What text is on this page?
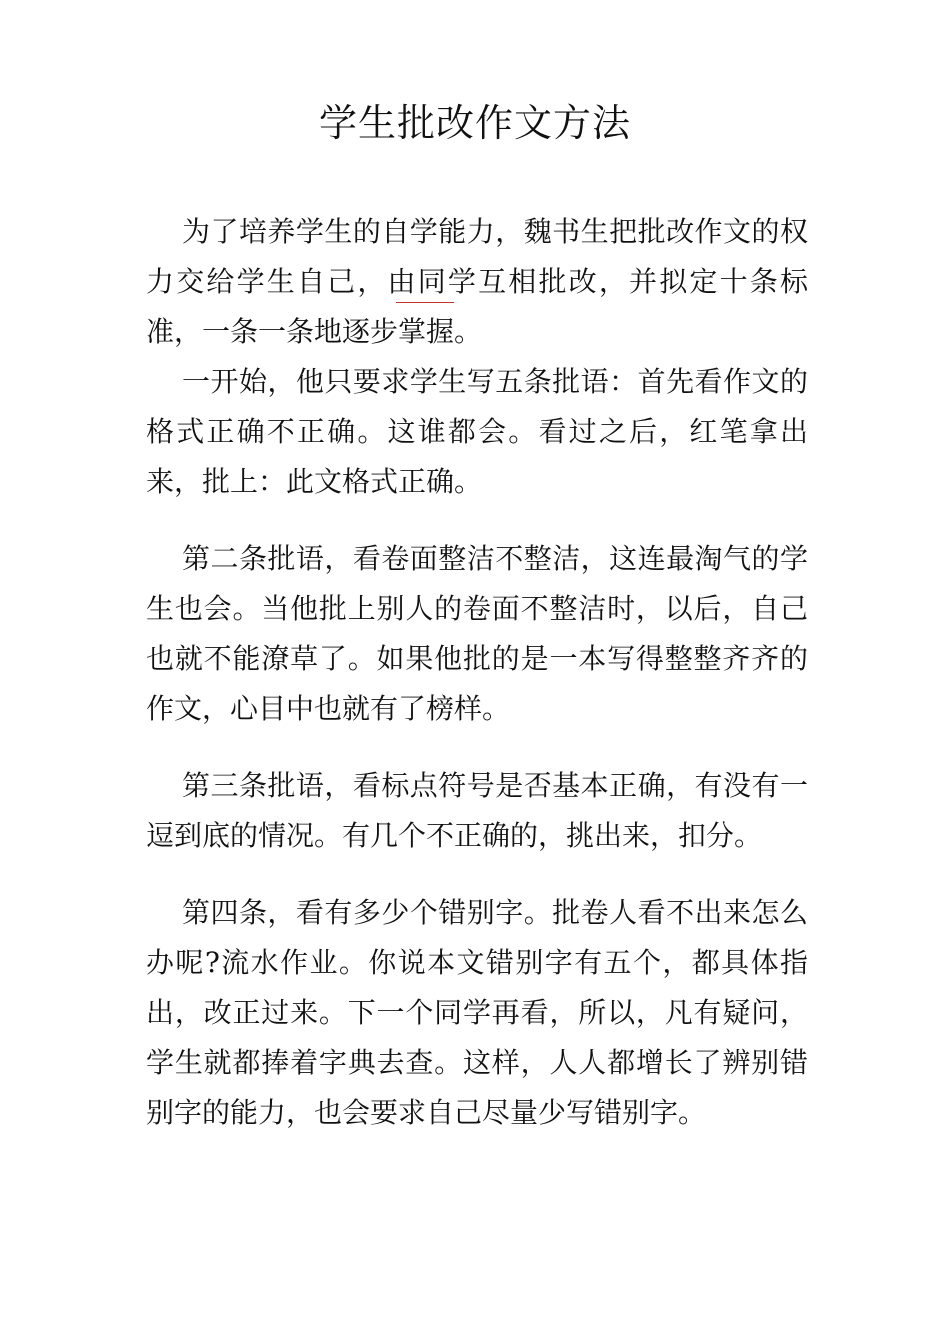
学生批改作文方法

为了培养学生的自学能力，魏书生把批改作文的权力交给学生自己，由同学互相批改，并拟定十条标准，一条一条地逐步掌握。

一开始，他只要求学生写五条批语：首先看作文的格式正确不正确。这谁都会。看过之后，红笔拿出来，批上：此文格式正确。

第二条批语，看卷面整洁不整洁，这连最淘气的学生也会。当他批上别人的卷面不整洁时，以后，自己也就不能潦草了。如果他批的是一本写得整整齐齐的作文，心目中也就有了榜样。

第三条批语，看标点符号是否基本正确，有没有一逗到底的情况。有几个不正确的，挑出来，扣分。

第四条，看有多少个错别字。批卷人看不出来怎么办呢?流水作业。你说本文错别字有五个，都具体指出，改正过来。下一个同学再看，所以，凡有疑问，学生就都捧着字典去查。这样，人人都增长了辨别错别字的能力，也会要求自己尽量少写错别字。
